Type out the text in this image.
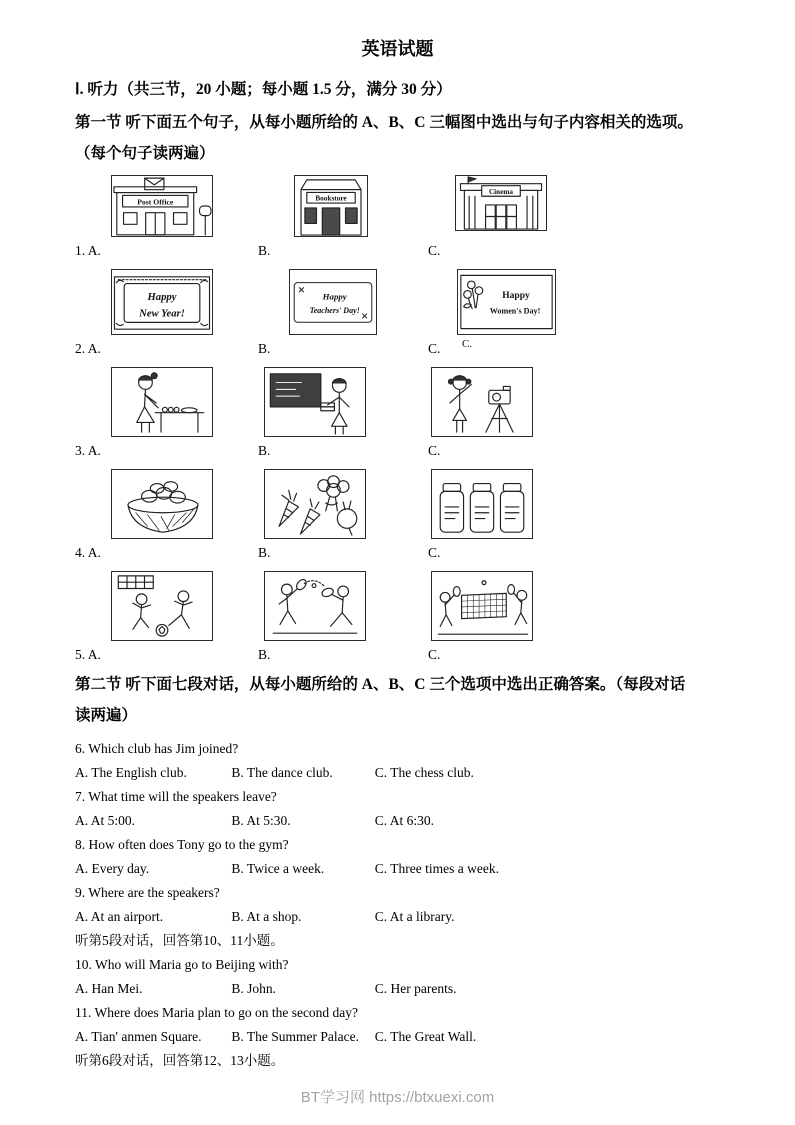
英语试题
Ⅰ. 听力（共三节，20 小题；每小题 1.5 分，满分 30 分）
第一节 听下面五个句子，从每小题所给的 A、B、C 三幅图中选出与句子内容相关的选项。
（每个句子读两遍）
Post Office	Bookstore
Cinema
1. A.	B.	C.
Happy
New Year!
Happy
Teachers' Day!
Happy
Women's Day!
C.
2. A.	B.	C.
3. A.	B.	C.
4. A.	B.	C.
5. A.	B.	C.
第二节 听下面七段对话，从每小题所给的 A、B、C 三个选项中选出正确答案。（每段对话
读两遍）
6. Which club has Jim joined?
A. The English club.	B. The dance club.	C. The chess club.
7. What time will the speakers leave?
A. At 5:00.	B. At 5:30.	C. At 6:30.
8. How often does Tony go to the gym?
A. Every day.	B. Twice a week.	C. Three times a week.
9. Where are the speakers?
A. At an airport.	B. At a shop.	C. At a library.
听第5段对话，回答第10、11小题。
10. Who will Maria go to Beijing with?
A. Han Mei.	B. John.	C. Her parents.
11. Where does Maria plan to go on the second day?
A. Tian' anmen Square. B. The Summer Palace. C. The Great Wall.
听第6段对话，回答第12、13小题。
BT学习网 https://btxuexi.com
